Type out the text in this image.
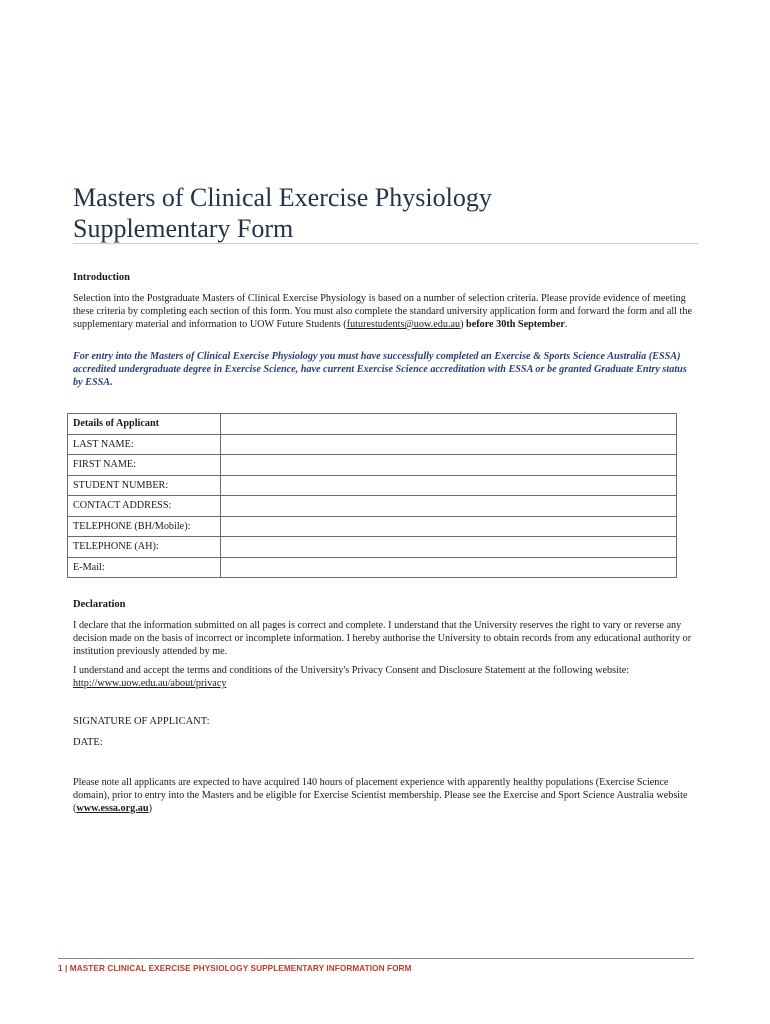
Masters of Clinical Exercise Physiology
Supplementary Form
Introduction
Selection into the Postgraduate Masters of Clinical Exercise Physiology is based on a number of selection criteria. Please provide evidence of meeting these criteria by completing each section of this form. You must also complete the standard university application form and forward the form and all the supplementary material and information to UOW Future Students (futurestudents@uow.edu.au) before 30th September.
For entry into the Masters of Clinical Exercise Physiology you must have successfully completed an Exercise & Sports Science Australia (ESSA) accredited undergraduate degree in Exercise Science, have current Exercise Science accreditation with ESSA or be granted Graduate Entry status by ESSA.
Details of Applicant	
LAST NAME:	
FIRST NAME:	
STUDENT NUMBER:	
CONTACT ADDRESS:	
TELEPHONE (BH/Mobile):	
TELEPHONE (AH):	
E-Mail:	
Declaration
I declare that the information submitted on all pages is correct and complete. I understand that the University reserves the right to vary or reverse any decision made on the basis of incorrect or incomplete information. I hereby authorise the University to obtain records from any educational authority or institution previously attended by me.
I understand and accept the terms and conditions of the University's Privacy Consent and Disclosure Statement at the following website: http://www.uow.edu.au/about/privacy
SIGNATURE OF APPLICANT:
DATE:
Please note all applicants are expected to have acquired 140 hours of placement experience with apparently healthy populations (Exercise Science domain), prior to entry into the Masters and be eligible for Exercise Scientist membership. Please see the Exercise and Sport Science Australia website (www.essa.org.au)
1 | MASTER CLINICAL EXERCISE PHYSIOLOGY SUPPLEMENTARY INFORMATION FORM
